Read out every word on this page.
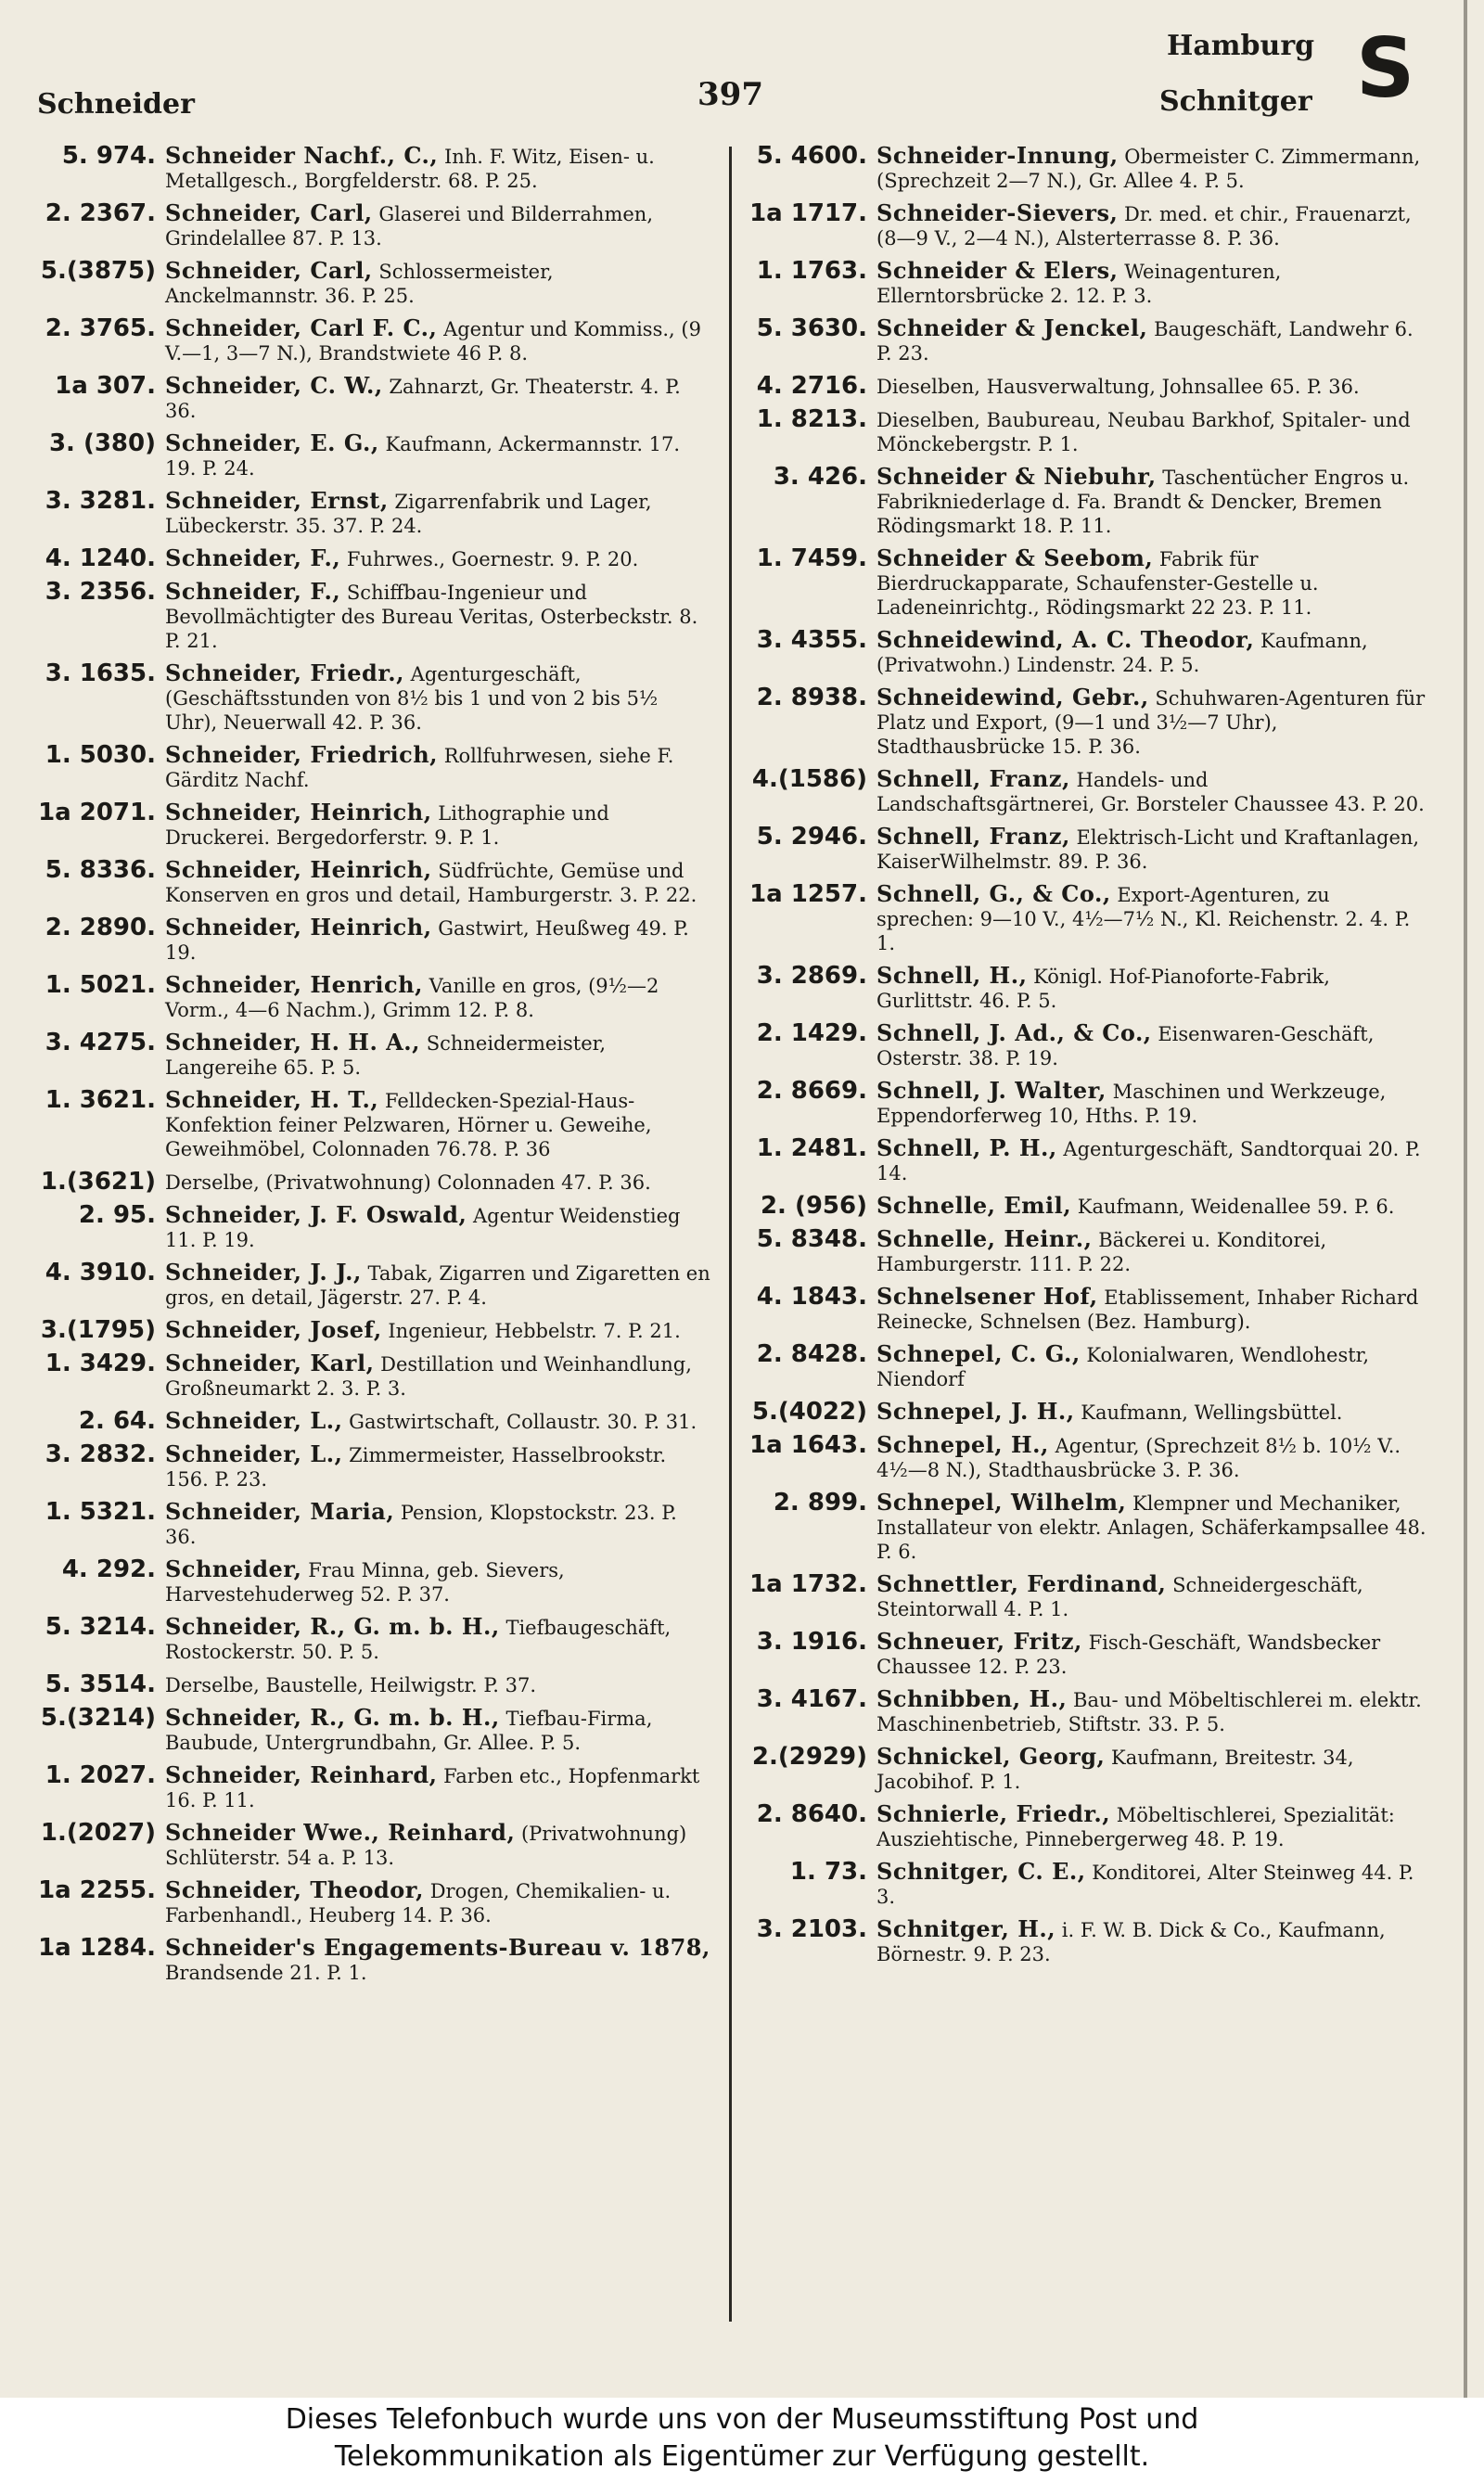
Schneider	397
Hamburg
Schnitger S
5. 974. Schneider Nachf., C., Inh. F. Witz, Eisen- u. Metallgesch., Borgfelderstr. 68. P. 25.
2. 2367. Schneider, Carl, Glaserei und Bilderrahmen, Grindelallee 87. P. 13.
5.(3875) Schneider, Carl, Schlossermeister, Anckelmannstr. 36. P. 25.
2. 3765. Schneider, Carl F. C., Agentur und Kommiss., (9 V.—1, 3—7 N.), Brandstwiete 46 P. 8.
1a 307. Schneider, C. W., Zahnarzt, Gr. Theaterstr. 4. P. 36.
3. (380) Schneider, E. G., Kaufmann, Ackermannstr. 17. 19. P. 24.
3. 3281. Schneider, Ernst, Zigarrenfabrik und Lager, Lübeckerstr. 35. 37. P. 24.
4. 1240. Schneider, F., Fuhrwes., Goernestr. 9. P. 20.
3. 2356. Schneider, F., Schiffbau-Ingenieur und Bevollmächtigter des Bureau Veritas, Osterbeckstr. 8. P. 21.
3. 1635. Schneider, Friedr., Agenturgeschäft, (Geschäftsstunden von 8½ bis 1 und von 2 bis 5½ Uhr), Neuerwall 42. P. 36.
1. 5030. Schneider, Friedrich, Rollfuhrwesen, siehe F. Gärditz Nachf.
1a 2071. Schneider, Heinrich, Lithographie und Druckerei. Bergedorferstr. 9. P. 1.
5. 8336. Schneider, Heinrich, Südfrüchte, Gemüse und Konserven en gros und detail, Hamburgerstr. 3. P. 22.
2. 2890. Schneider, Heinrich, Gastwirt, Heußweg 49. P. 19.
1. 5021. Schneider, Henrich, Vanille en gros, (9½—2 Vorm., 4—6 Nachm.), Grimm 12. P. 8.
3. 4275. Schneider, H. H. A., Schneidermeister, Langereihe 65. P. 5.
1. 3621. Schneider, H. T., Felldecken-Spezial-Haus-Konfektion feiner Pelzwaren, Hörner u. Geweihe, Geweihmöbel, Colonnaden 76.78. P. 36
1.(3621) Derselbe, (Privatwohnung) Colonnaden 47. P. 36.
2. 95. Schneider, J. F. Oswald, Agentur Weidenstieg 11. P. 19.
4. 3910. Schneider, J. J., Tabak, Zigarren und Zigaretten en gros, en detail, Jägerstr. 27. P. 4.
3.(1795) Schneider, Josef, Ingenieur, Hebbelstr. 7. P. 21.
1. 3429. Schneider, Karl, Destillation und Weinhandlung, Großneumarkt 2. 3. P. 3.
2. 64. Schneider, L., Gastwirtschaft, Collaustr. 30. P. 31.
3. 2832. Schneider, L., Zimmermeister, Hasselbrookstr. 156. P. 23.
1. 5321. Schneider, Maria, Pension, Klopstockstr. 23. P. 36.
4. 292. Schneider, Frau Minna, geb. Sievers, Harvestehuderweg 52. P. 37.
5. 3214. Schneider, R., G. m. b. H., Tiefbaugeschäft, Rostockerstr. 50. P. 5.
5. 3514. Derselbe, Baustelle, Heilwigstr. P. 37.
5.(3214) Schneider, R., G. m. b. H., Tiefbau-Firma, Baubude, Untergrundbahn, Gr. Allee. P. 5.
1. 2027. Schneider, Reinhard, Farben etc., Hopfenmarkt 16. P. 11.
1.(2027) Schneider Wwe., Reinhard, (Privatwohnung) Schlüterstr. 54 a. P. 13.
1a 2255. Schneider, Theodor, Drogen, Chemikalien- u. Farbenhandl., Heuberg 14. P. 36.
1a 1284. Schneider's Engagements-Bureau v. 1878, Brandsende 21. P. 1.
5. 4600. Schneider-Innung, Obermeister C. Zimmermann, (Sprechzeit 2—7 N.), Gr. Allee 4. P. 5.
1a 1717. Schneider-Sievers, Dr. med. et chir., Frauenarzt, (8—9 V., 2—4 N.), Alsterterrasse 8. P. 36.
1. 1763. Schneider & Elers, Weinagenturen, Ellerntorsbrücke 2. 12. P. 3.
5. 3630. Schneider & Jenckel, Baugeschäft, Landwehr 6. P. 23.
4. 2716. Dieselben, Hausverwaltung, Johnsallee 65. P. 36.
1. 8213. Dieselben, Baubureau, Neubau Barkhof, Spitaler- und Mönckebergstr. P. 1.
3. 426. Schneider & Niebuhr, Taschentücher Engros u. Fabrikniederlage d. Fa. Brandt & Dencker, Bremen Rödingsmarkt 18. P. 11.
1. 7459. Schneider & Seebom, Fabrik für Bierdruckapparate, Schaufenster-Gestelle u. Ladeneinrichtg., Rödingsmarkt 22 23. P. 11.
3. 4355. Schneidewind, A. C. Theodor, Kaufmann, (Privatwohn.) Lindenstr. 24. P. 5.
2. 8938. Schneidewind, Gebr., Schuhwaren-Agenturen für Platz und Export, (9—1 und 3½—7 Uhr), Stadthausbrücke 15. P. 36.
4.(1586) Schnell, Franz, Handels- und Landschaftsgärtnerei, Gr. Borsteler Chaussee 43. P. 20.
5. 2946. Schnell, Franz, Elektrisch-Licht und Kraftanlagen, KaiserWilhelmstr. 89. P. 36.
1a 1257. Schnell, G., & Co., Export-Agenturen, zu sprechen: 9—10 V., 4½—7½ N., Kl. Reichenstr. 2. 4. P. 1.
3. 2869. Schnell, H., Königl. Hof-Pianoforte-Fabrik, Gurlittstr. 46. P. 5.
2. 1429. Schnell, J. Ad., & Co., Eisenwaren-Geschäft, Osterstr. 38. P. 19.
2. 8669. Schnell, J. Walter, Maschinen und Werkzeuge, Eppendorferweg 10, Hths. P. 19.
1. 2481. Schnell, P. H., Agenturgeschäft, Sandtorquai 20. P. 14.
2. (956) Schnelle, Emil, Kaufmann, Weidenallee 59. P. 6.
5. 8348. Schnelle, Heinr., Bäckerei u. Konditorei, Hamburgerstr. 111. P. 22.
4. 1843. Schnelsener Hof, Etablissement, Inhaber Richard Reinecke, Schnelsen (Bez. Hamburg).
2. 8428. Schnepel, C. G., Kolonialwaren, Wendlohestr, Niendorf
5.(4022) Schnepel, J. H., Kaufmann, Wellingsbüttel.
1a 1643. Schnepel, H., Agentur, (Sprechzeit 8½ b. 10½ V.. 4½—8 N.), Stadthausbrücke 3. P. 36.
2. 899. Schnepel, Wilhelm, Klempner und Mechaniker, Installateur von elektr. Anlagen, Schäferkampsallee 48. P. 6.
1a 1732. Schnettler, Ferdinand, Schneidergeschäft, Steintorwall 4. P. 1.
3. 1916. Schneuer, Fritz, Fisch-Geschäft, Wandsbecker Chaussee 12. P. 23.
3. 4167. Schnibben, H., Bau- und Möbeltischlerei m. elektr. Maschinenbetrieb, Stiftstr. 33. P. 5.
2.(2929) Schnickel, Georg, Kaufmann, Breitestr. 34, Jacobihof. P. 1.
2. 8640. Schnierle, Friedr., Möbeltischlerei, Spezialität: Ausziehtische, Pinnebergerweg 48. P. 19.
1. 73. Schnitger, C. E., Konditorei, Alter Steinweg 44. P. 3.
3. 2103. Schnitger, H., i. F. W. B. Dick & Co., Kaufmann, Börnestr. 9. P. 23.
Dieses Telefonbuch wurde uns von der Museumsstiftung Post und
Telekommunikation als Eigentümer zur Verfügung gestellt.
